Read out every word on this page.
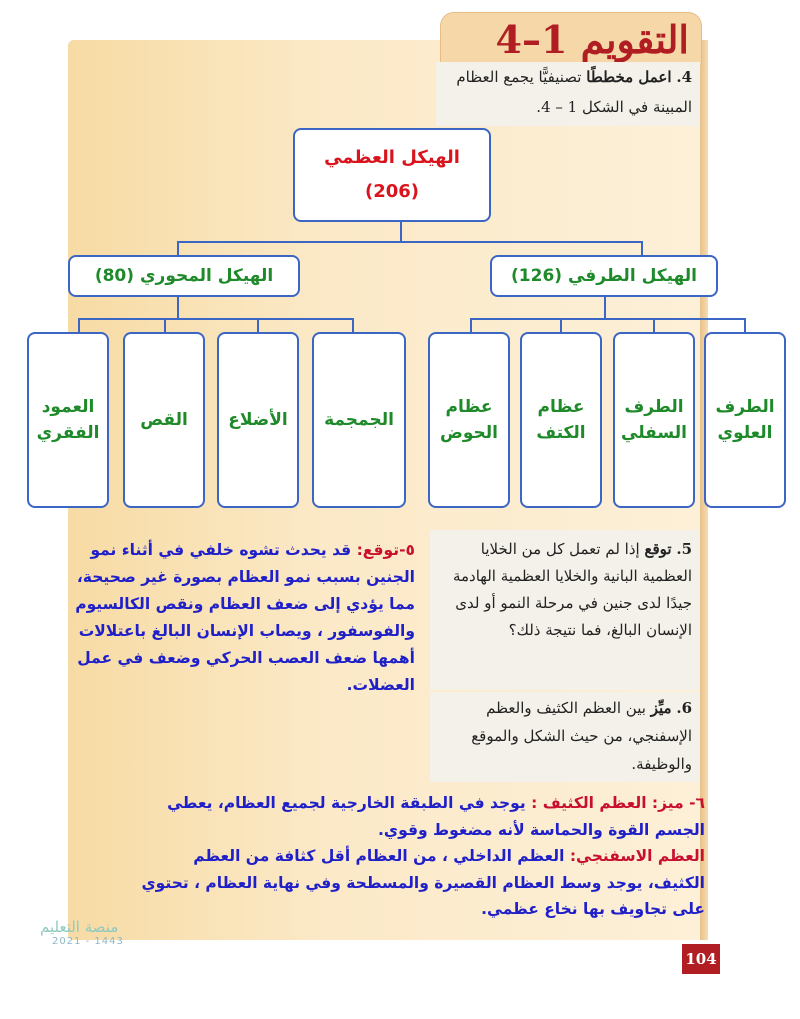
التقويم 1–4
4. اعمل مخططًا تصنيفيًّا يجمع العظام المبينة في الشكل 1 – 4.
الهيكل العظمي
(206)
الهيكل المحوري (80)	الهيكل الطرفي (126)
العمود الفقري
القص	الأضلاع	الجمجمة
عظام الحوض
عظام الكتف
الطرف السفلي
الطرف العلوي
٥-توقع: قد يحدث تشوه خلفي في أثناء نمو الجنين بسبب نمو العظام بصورة غير صحيحة، مما يؤدي إلى ضعف العظام ونقص الكالسيوم والفوسفور ، ويصاب الإنسان البالغ باعتلالات أهمها ضعف العصب الحركي وضعف في عمل العضلات.
5. توقع إذا لم تعمل كل من الخلايا العظمية البانية والخلايا العظمية الهادمة جيدًا لدى جنين في مرحلة النمو أو لدى الإنسان البالغ، فما نتيجة ذلك؟
6. ميِّز بين العظم الكثيف والعظم الإسفنجي، من حيث الشكل والموقع والوظيفة.
٦- ميز: العظم الكثيف : يوجد في الطبقة الخارجية لجميع العظام، يعطي الجسم القوة والحماسة لأنه مضغوط وقوي.
العظم الاسفنجي: العظم الداخلي ، من العظام أقل كثافة من العظم الكثيف، يوجد وسط العظام القصيرة والمسطحة وفي نهاية العظام ، تحتوي على تجاويف بها نخاع عظمي.
منصة التعليم
2021 - 1443
104
